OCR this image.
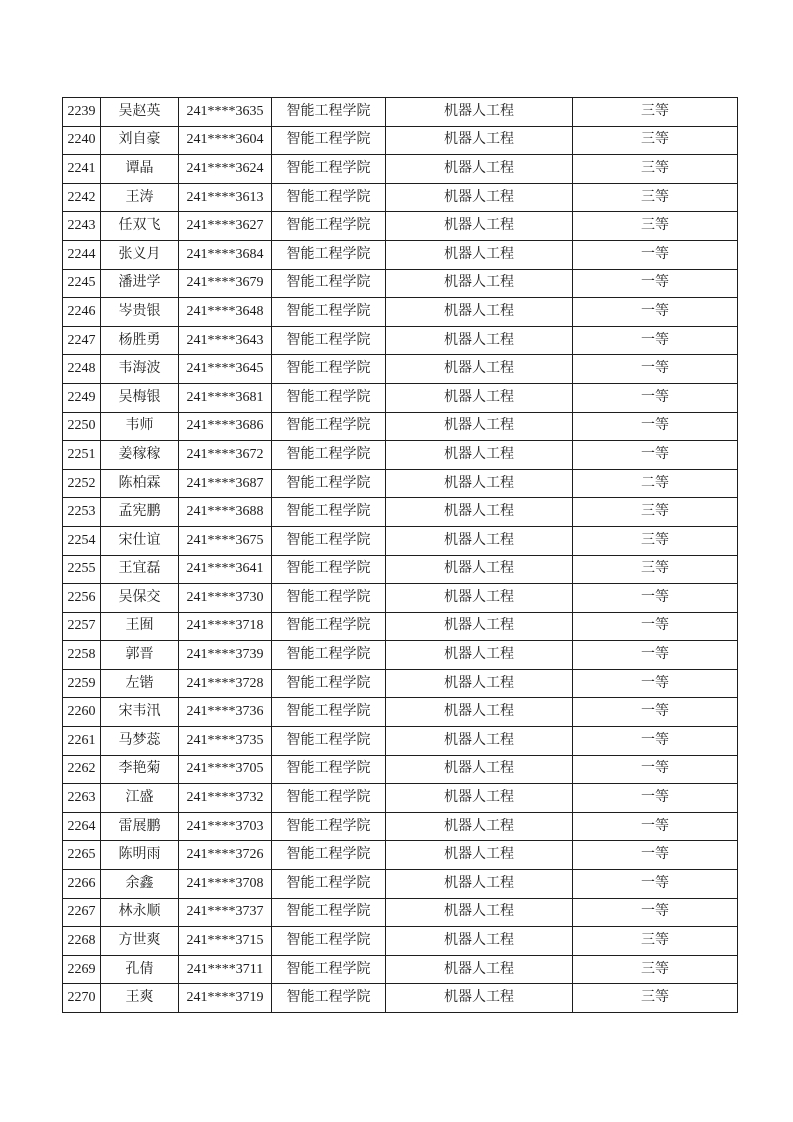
2239	吴赵英	241****3635	智能工程学院	机器人工程	三等
2240	刘自豪	241****3604	智能工程学院	机器人工程	三等
2241	谭晶	241****3624	智能工程学院	机器人工程	三等
2242	王涛	241****3613	智能工程学院	机器人工程	三等
2243	任双飞	241****3627	智能工程学院	机器人工程	三等
2244	张义月	241****3684	智能工程学院	机器人工程	一等
2245	潘进学	241****3679	智能工程学院	机器人工程	一等
2246	岑贵银	241****3648	智能工程学院	机器人工程	一等
2247	杨胜勇	241****3643	智能工程学院	机器人工程	一等
2248	韦海波	241****3645	智能工程学院	机器人工程	一等
2249	吴梅银	241****3681	智能工程学院	机器人工程	一等
2250	韦师	241****3686	智能工程学院	机器人工程	一等
2251	姜稼稼	241****3672	智能工程学院	机器人工程	一等
2252	陈柏霖	241****3687	智能工程学院	机器人工程	二等
2253	孟宪鹏	241****3688	智能工程学院	机器人工程	三等
2254	宋仕谊	241****3675	智能工程学院	机器人工程	三等
2255	王宜磊	241****3641	智能工程学院	机器人工程	三等
2256	吴保交	241****3730	智能工程学院	机器人工程	一等
2257	王囿	241****3718	智能工程学院	机器人工程	一等
2258	郭晋	241****3739	智能工程学院	机器人工程	一等
2259	左锴	241****3728	智能工程学院	机器人工程	一等
2260	宋韦汛	241****3736	智能工程学院	机器人工程	一等
2261	马梦蕊	241****3735	智能工程学院	机器人工程	一等
2262	李艳菊	241****3705	智能工程学院	机器人工程	一等
2263	江盛	241****3732	智能工程学院	机器人工程	一等
2264	雷展鹏	241****3703	智能工程学院	机器人工程	一等
2265	陈明雨	241****3726	智能工程学院	机器人工程	一等
2266	余鑫	241****3708	智能工程学院	机器人工程	一等
2267	林永顺	241****3737	智能工程学院	机器人工程	一等
2268	方世爽	241****3715	智能工程学院	机器人工程	三等
2269	孔倩	241****3711	智能工程学院	机器人工程	三等
2270	王爽	241****3719	智能工程学院	机器人工程	三等
